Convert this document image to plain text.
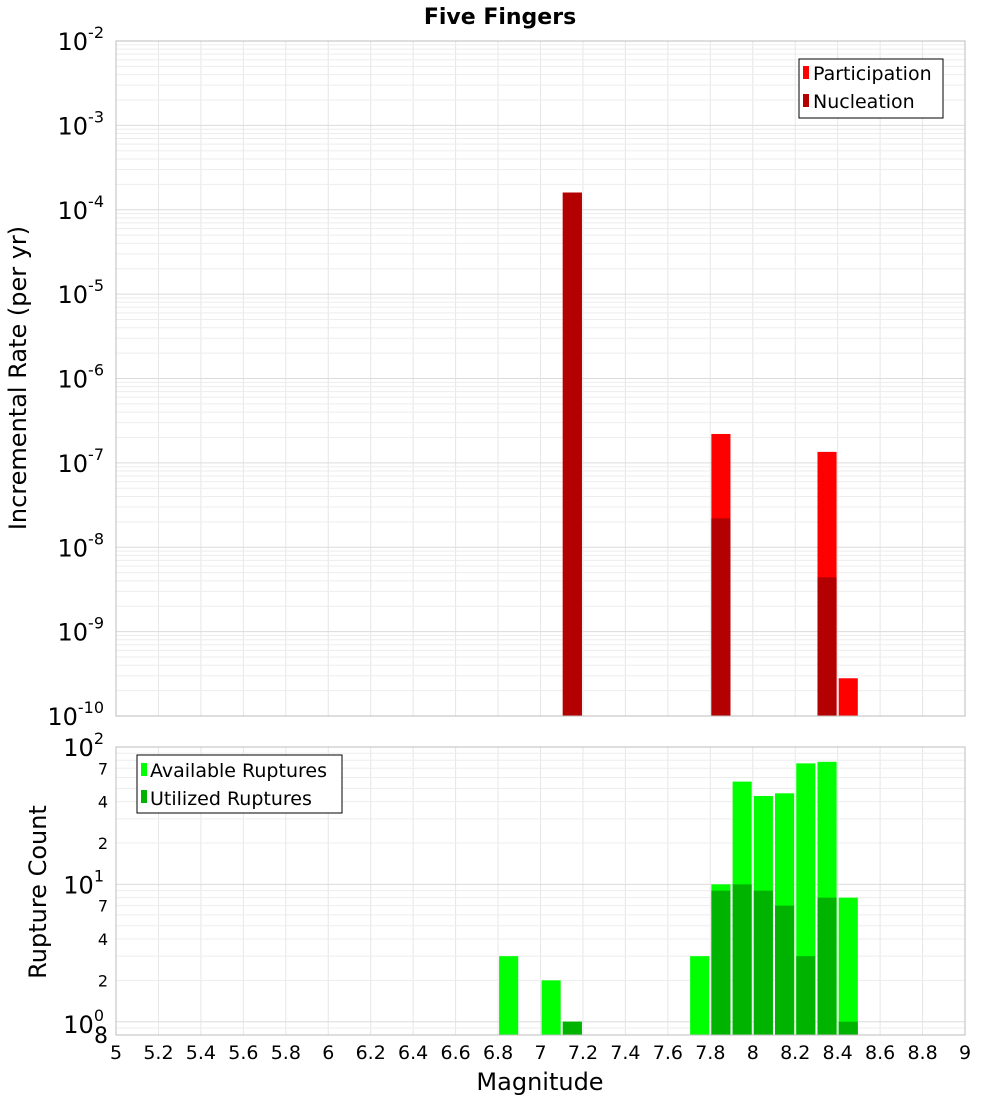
$10^{-10}$
$10^{-9}$
$10^{-8}$
$10^{-7}$
$10^{-6}$
$10^{-5}$
$10^{-4}$
$10^{-3}$
$10^{-2}$
$10^0$
$10^1$
$10^2$
8
2
4
7
2
4
7
5 5.2 5.4 5.6 5.8 6 6.2 6.4 6.6 6.8 7 7.2 7.4 7.6 7.8 8 8.2 8.4 8.6 8.8 9
Five Fingers
Incremental Rate (per yr)
Rupture Count
Magnitude
Participation
Nucleation
Available Ruptures
Utilized Ruptures
